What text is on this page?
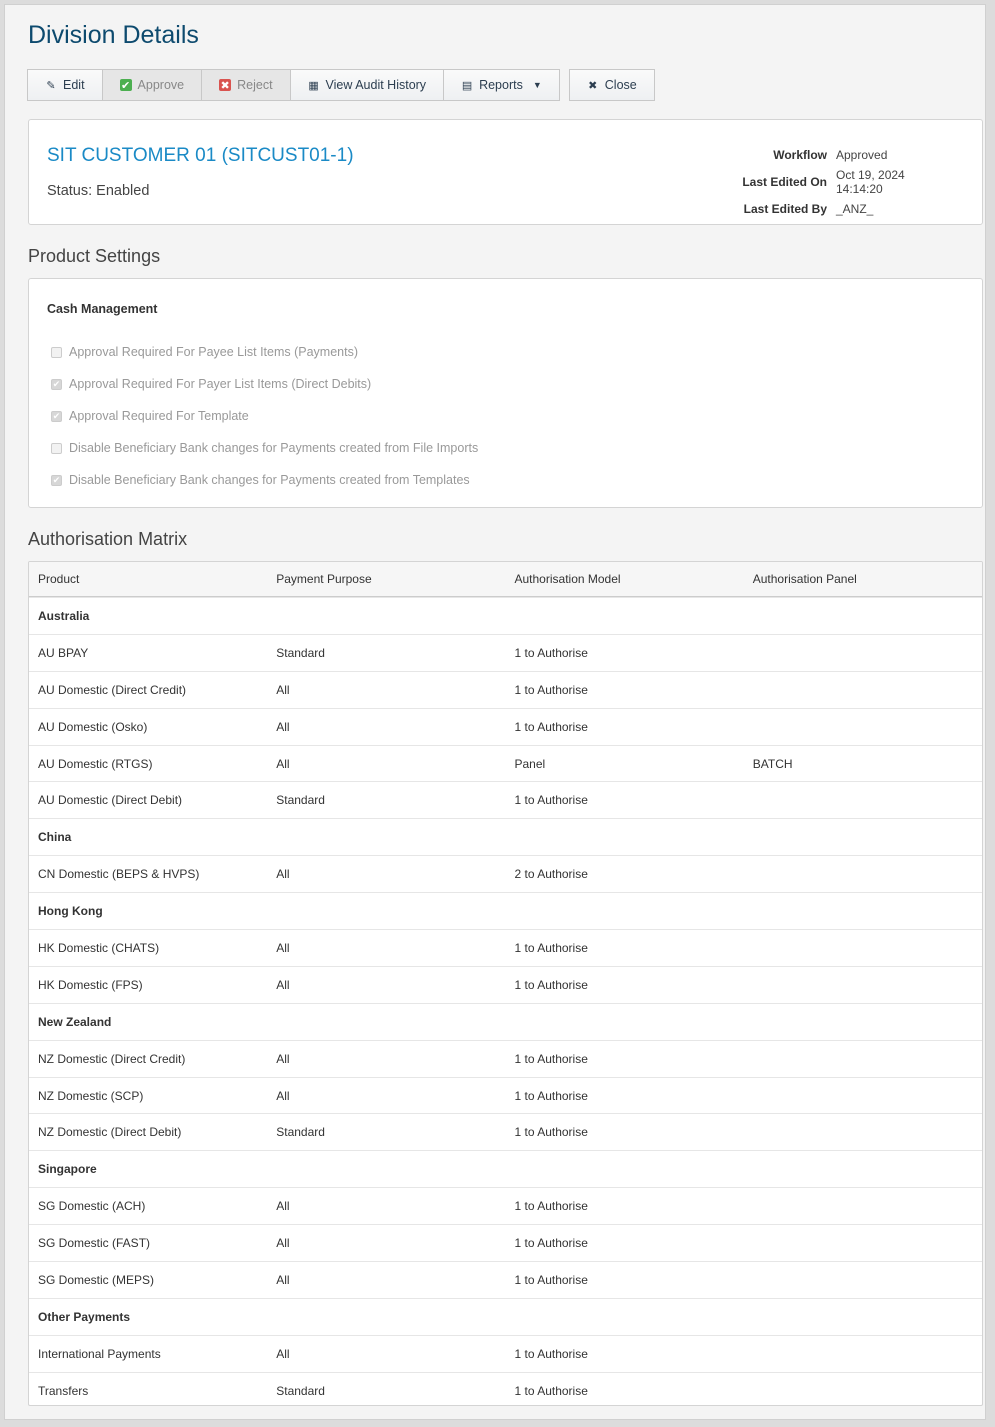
Division Details
✎ Edit	✔ Approve	✖ Reject	▦ View Audit History	▤ Reports ▼	✖ Close
SIT CUSTOMER 01 (SITCUST01-1)
Status: Enabled
Workflow Approved
Last Edited On Oct 19, 2024 14:14:20
Last Edited By _ANZ_
Product Settings
Cash Management
Approval Required For Payee List Items (Payments)
✔ Approval Required For Payer List Items (Direct Debits)
✔ Approval Required For Template
Disable Beneficiary Bank changes for Payments created from File Imports
✔ Disable Beneficiary Bank changes for Payments created from Templates
Authorisation Matrix
Product	Payment Purpose	Authorisation Model	Authorisation Panel
Australia
AU BPAY	Standard	1 to Authorise
AU Domestic (Direct Credit)	All	1 to Authorise
AU Domestic (Osko)	All	1 to Authorise
AU Domestic (RTGS)	All	Panel	BATCH
AU Domestic (Direct Debit)	Standard	1 to Authorise
China
CN Domestic (BEPS & HVPS)	All	2 to Authorise
Hong Kong
HK Domestic (CHATS)	All	1 to Authorise
HK Domestic (FPS)	All	1 to Authorise
New Zealand
NZ Domestic (Direct Credit)	All	1 to Authorise
NZ Domestic (SCP)	All	1 to Authorise
NZ Domestic (Direct Debit)	Standard	1 to Authorise
Singapore
SG Domestic (ACH)	All	1 to Authorise
SG Domestic (FAST)	All	1 to Authorise
SG Domestic (MEPS)	All	1 to Authorise
Other Payments
International Payments	All	1 to Authorise
Transfers	Standard	1 to Authorise
